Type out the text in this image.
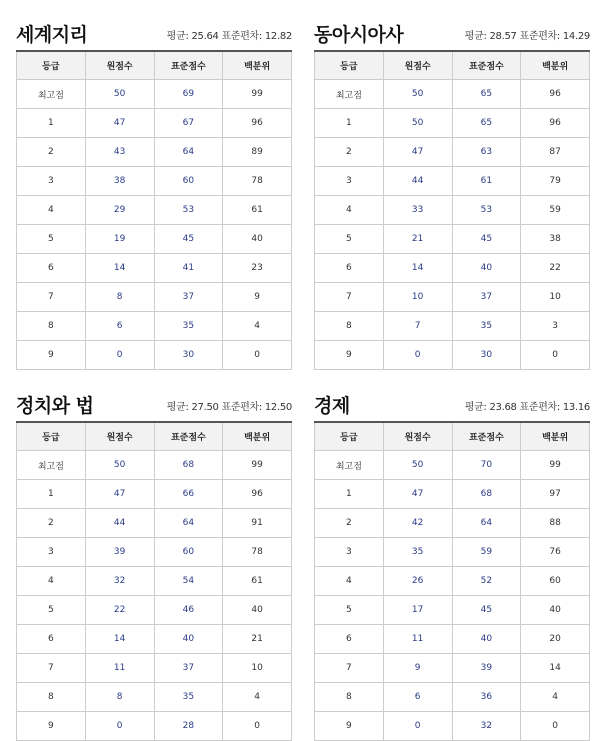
세계지리	평균: 25.64 표준편차: 12.82
등급	원점수	표준점수	백분위
최고점	50	69	99
1	47	67	96
2	43	64	89
3	38	60	78
4	29	53	61
5	19	45	40
6	14	41	23
7	8	37	9
8	6	35	4
9	0	30	0
동아시아사	평균: 28.57 표준편차: 14.29
등급	원점수	표준점수	백분위
최고점	50	65	96
1	50	65	96
2	47	63	87
3	44	61	79
4	33	53	59
5	21	45	38
6	14	40	22
7	10	37	10
8	7	35	3
9	0	30	0
정치와 법	평균: 27.50 표준편차: 12.50
등급	원점수	표준점수	백분위
최고점	50	68	99
1	47	66	96
2	44	64	91
3	39	60	78
4	32	54	61
5	22	46	40
6	14	40	21
7	11	37	10
8	8	35	4
9	0	28	0
경제	평균: 23.68 표준편차: 13.16
등급	원점수	표준점수	백분위
최고점	50	70	99
1	47	68	97
2	42	64	88
3	35	59	76
4	26	52	60
5	17	45	40
6	11	40	20
7	9	39	14
8	6	36	4
9	0	32	0
